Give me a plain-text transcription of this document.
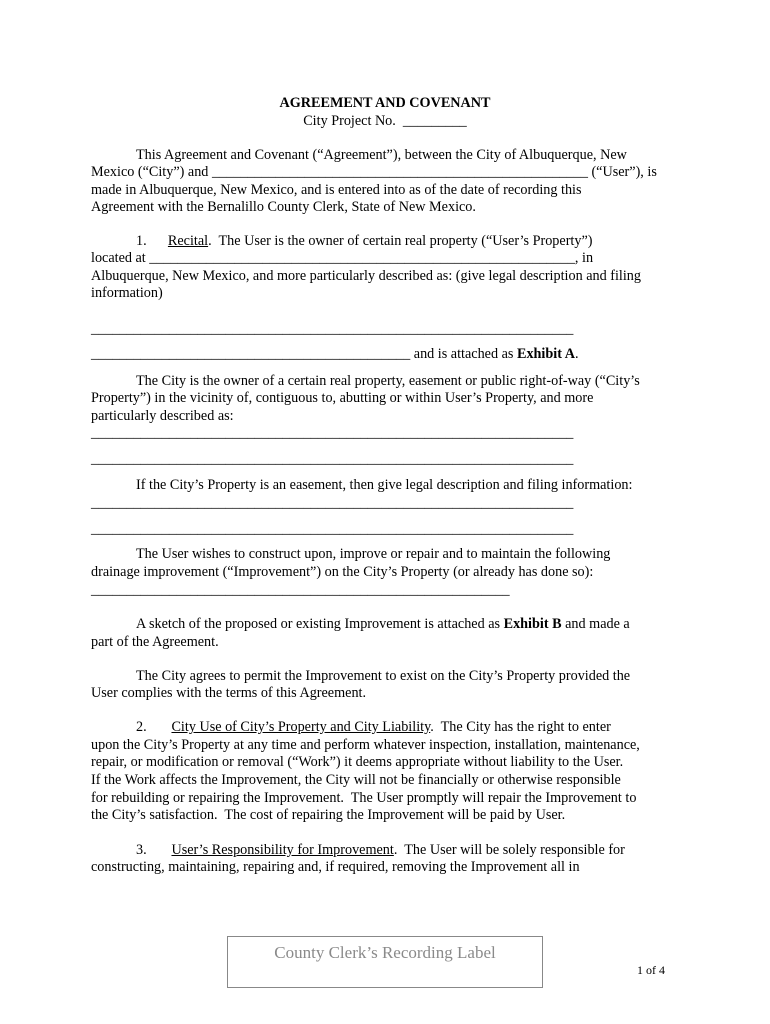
AGREEMENT AND COVENANT
City Project No. _________
This Agreement and Covenant (“Agreement”), between the City of Albuquerque, New
Mexico (“City”) and _____________________________________________________ (“User”), is
made in Albuquerque, New Mexico, and is entered into as of the date of recording this
Agreement with the Bernalillo County Clerk, State of New Mexico.
1. Recital.  The User is the owner of certain real property (“User’s Property”)
located at ____________________________________________________________, in
Albuquerque, New Mexico, and more particularly described as: (give legal description and filing
information)
____________________________________________________________________
_____________________________________________ and is attached as Exhibit A.
The City is the owner of a certain real property, easement or public right-of-way (“City’s
Property”) in the vicinity of, contiguous to, abutting or within User’s Property, and more
particularly described as:
____________________________________________________________________
____________________________________________________________________
If the City’s Property is an easement, then give legal description and filing information:
____________________________________________________________________
____________________________________________________________________
The User wishes to construct upon, improve or repair and to maintain the following
drainage improvement (“Improvement”) on the City’s Property (or already has done so):
___________________________________________________________
A sketch of the proposed or existing Improvement is attached as Exhibit B and made a
part of the Agreement.
The City agrees to permit the Improvement to exist on the City’s Property provided the
User complies with the terms of this Agreement.
2. City Use of City’s Property and City Liability.  The City has the right to enter
upon the City’s Property at any time and perform whatever inspection, installation, maintenance,
repair, or modification or removal (“Work”) it deems appropriate without liability to the User.
If the Work affects the Improvement, the City will not be financially or otherwise responsible
for rebuilding or repairing the Improvement.  The User promptly will repair the Improvement to
the City’s satisfaction.  The cost of repairing the Improvement will be paid by User.
3. User’s Responsibility for Improvement.  The User will be solely responsible for
constructing, maintaining, repairing and, if required, removing the Improvement all in
County Clerk’s Recording Label
1 of 4
